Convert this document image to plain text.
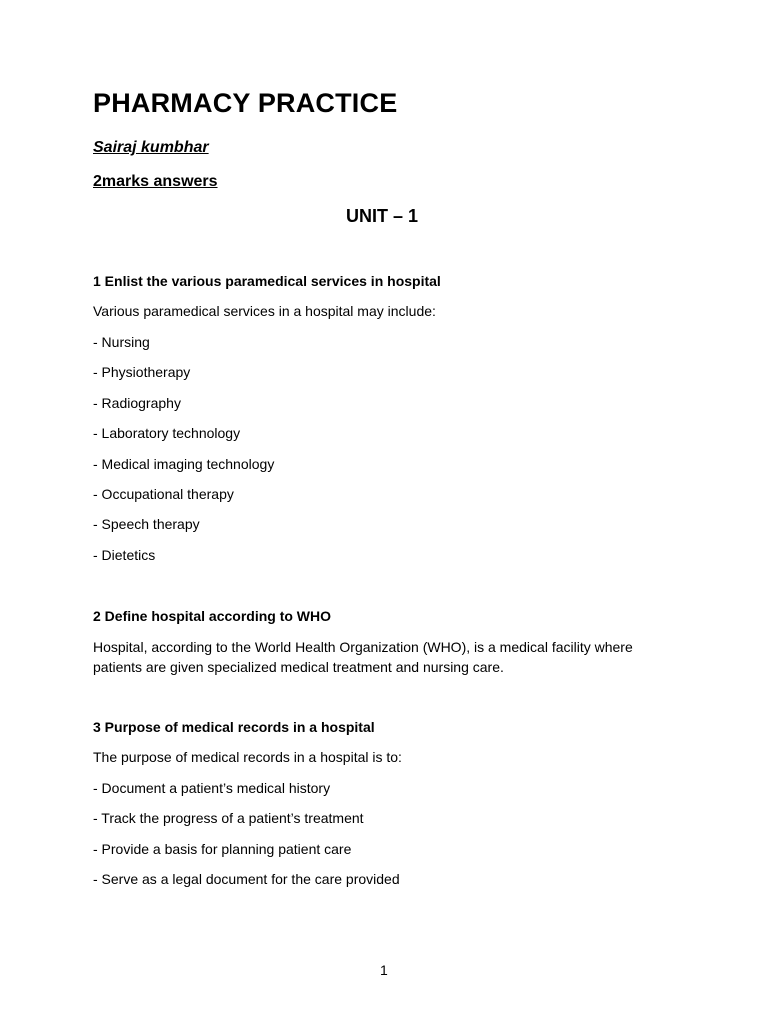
PHARMACY PRACTICE
Sairaj kumbhar
2marks answers
UNIT – 1
1 Enlist the various paramedical services in hospital
Various paramedical services in a hospital may include:
- Nursing
- Physiotherapy
- Radiography
- Laboratory technology
- Medical imaging technology
- Occupational therapy
- Speech therapy
- Dietetics
2 Define hospital according to WHO
Hospital, according to the World Health Organization (WHO), is a medical facility where patients are given specialized medical treatment and nursing care.
3 Purpose of medical records in a hospital
The purpose of medical records in a hospital is to:
- Document a patient’s medical history
- Track the progress of a patient’s treatment
- Provide a basis for planning patient care
- Serve as a legal document for the care provided
1
